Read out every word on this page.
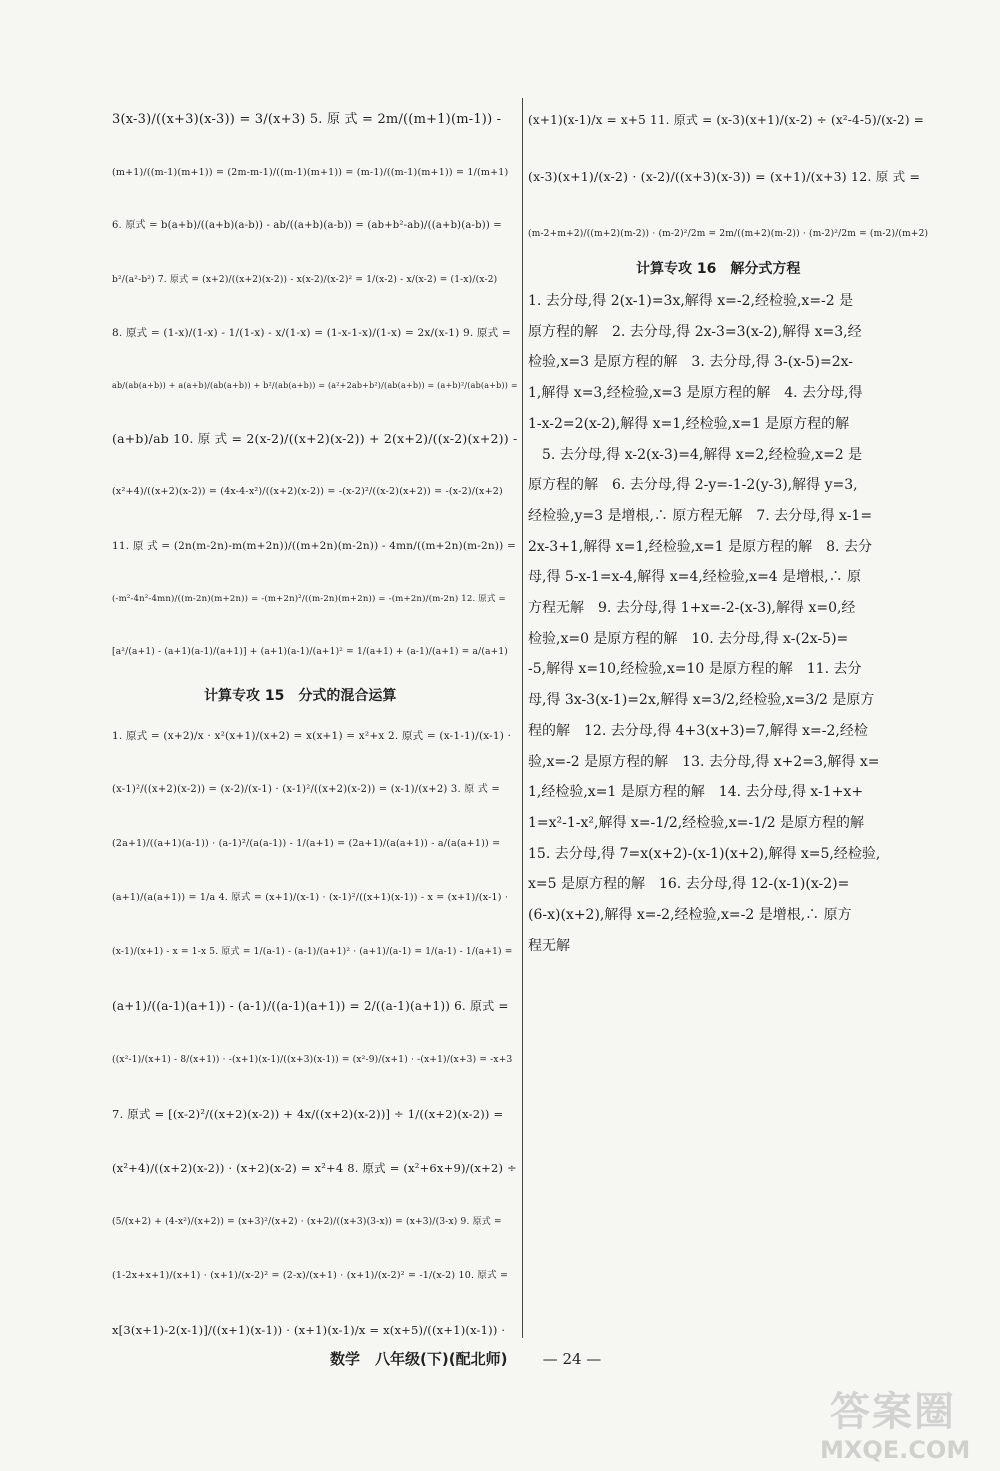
3(x-3)/((x+3)(x-3)) = 3/(x+3) 5. 原 式 = 2m/((m+1)(m-1)) -
(m+1)/((m-1)(m+1)) = (2m-m-1)/((m-1)(m+1)) = (m-1)/((m-1)(m+1)) = 1/(m+1)
6. 原式 = b(a+b)/((a+b)(a-b)) - ab/((a+b)(a-b)) = (ab+b²-ab)/((a+b)(a-b)) =
b²/(a²-b²) 7. 原式 = (x+2)/((x+2)(x-2)) - x(x-2)/(x-2)² = 1/(x-2) - x/(x-2) = (1-x)/(x-2)
8. 原式 = (1-x)/(1-x) - 1/(1-x) - x/(1-x) = (1-x-1-x)/(1-x) = 2x/(x-1) 9. 原式 =
ab/(ab(a+b)) + a(a+b)/(ab(a+b)) + b²/(ab(a+b)) = (a²+2ab+b²)/(ab(a+b)) = (a+b)²/(ab(a+b)) =
(a+b)/ab 10. 原 式 = 2(x-2)/((x+2)(x-2)) + 2(x+2)/((x-2)(x+2)) -
(x²+4)/((x+2)(x-2)) = (4x-4-x²)/((x+2)(x-2)) = -(x-2)²/((x-2)(x+2)) = -(x-2)/(x+2)
11. 原 式 = (2n(m-2n)-m(m+2n))/((m+2n)(m-2n)) - 4mn/((m+2n)(m-2n)) =
(-m²-4n²-4mn)/((m-2n)(m+2n)) = -(m+2n)²/((m-2n)(m+2n)) = -(m+2n)/(m-2n) 12. 原式 =
[a²/(a+1) - (a+1)(a-1)/(a+1)] + (a+1)(a-1)/(a+1)² = 1/(a+1) + (a-1)/(a+1) = a/(a+1)
计算专攻 15　分式的混合运算
1. 原式 = (x+2)/x · x²(x+1)/(x+2) = x(x+1) = x²+x 2. 原式 = (x-1-1)/(x-1) ·
(x-1)²/((x+2)(x-2)) = (x-2)/(x-1) · (x-1)²/((x+2)(x-2)) = (x-1)/(x+2) 3. 原 式 =
(2a+1)/((a+1)(a-1)) · (a-1)²/(a(a-1)) - 1/(a+1) = (2a+1)/(a(a+1)) - a/(a(a+1)) =
(a+1)/(a(a+1)) = 1/a 4. 原式 = (x+1)/(x-1) · (x-1)²/((x+1)(x-1)) - x = (x+1)/(x-1) ·
(x-1)/(x+1) - x = 1-x 5. 原式 = 1/(a-1) - (a-1)/(a+1)² · (a+1)/(a-1) = 1/(a-1) - 1/(a+1) =
(a+1)/((a-1)(a+1)) - (a-1)/((a-1)(a+1)) = 2/((a-1)(a+1)) 6. 原式 =
((x²-1)/(x+1) - 8/(x+1)) · -(x+1)(x-1)/((x+3)(x-1)) = (x²-9)/(x+1) · -(x+1)/(x+3) = -x+3
7. 原式 = [(x-2)²/((x+2)(x-2)) + 4x/((x+2)(x-2))] ÷ 1/((x+2)(x-2)) =
(x²+4)/((x+2)(x-2)) · (x+2)(x-2) = x²+4 8. 原式 = (x²+6x+9)/(x+2) ÷
(5/(x+2) + (4-x²)/(x+2)) = (x+3)²/(x+2) · (x+2)/((x+3)(3-x)) = (x+3)/(3-x) 9. 原式 =
(1-2x+x+1)/(x+1) · (x+1)/(x-2)² = (2-x)/(x+1) · (x+1)/(x-2)² = -1/(x-2) 10. 原式 =
x[3(x+1)-2(x-1)]/((x+1)(x-1)) · (x+1)(x-1)/x = x(x+5)/((x+1)(x-1)) ·
(x+1)(x-1)/x = x+5 11. 原式 = (x-3)(x+1)/(x-2) ÷ (x²-4-5)/(x-2) =
(x-3)(x+1)/(x-2) · (x-2)/((x+3)(x-3)) = (x+1)/(x+3) 12. 原 式 =
(m-2+m+2)/((m+2)(m-2)) · (m-2)²/2m = 2m/((m+2)(m-2)) · (m-2)²/2m = (m-2)/(m+2)
计算专攻 16　解分式方程
1. 去分母,得 2(x-1)=3x,解得 x=-2,经检验,x=-2 是
原方程的解　2. 去分母,得 2x-3=3(x-2),解得 x=3,经
检验,x=3 是原方程的解　3. 去分母,得 3-(x-5)=2x-
1,解得 x=3,经检验,x=3 是原方程的解　4. 去分母,得
1-x-2=2(x-2),解得 x=1,经检验,x=1 是原方程的解
　5. 去分母,得 x-2(x-3)=4,解得 x=2,经检验,x=2 是
原方程的解　6. 去分母,得 2-y=-1-2(y-3),解得 y=3,
经检验,y=3 是增根,∴ 原方程无解　7. 去分母,得 x-1=
2x-3+1,解得 x=1,经检验,x=1 是原方程的解　8. 去分
母,得 5-x-1=x-4,解得 x=4,经检验,x=4 是增根,∴ 原
方程无解　9. 去分母,得 1+x=-2-(x-3),解得 x=0,经
检验,x=0 是原方程的解　10. 去分母,得 x-(2x-5)=
-5,解得 x=10,经检验,x=10 是原方程的解　11. 去分
母,得 3x-3(x-1)=2x,解得 x=3/2,经检验,x=3/2 是原方
程的解　12. 去分母,得 4+3(x+3)=7,解得 x=-2,经检
验,x=-2 是原方程的解　13. 去分母,得 x+2=3,解得 x=
1,经检验,x=1 是原方程的解　14. 去分母,得 x-1+x+
1=x²-1-x²,解得 x=-1/2,经检验,x=-1/2 是原方程的解
15. 去分母,得 7=x(x+2)-(x-1)(x+2),解得 x=5,经检验,
x=5 是原方程的解　16. 去分母,得 12-(x-1)(x-2)=
(6-x)(x+2),解得 x=-2,经检验,x=-2 是增根,∴ 原方
程无解
数学　八年级(下)(配北师) — 24 —
答案圈
MXQE.COM
